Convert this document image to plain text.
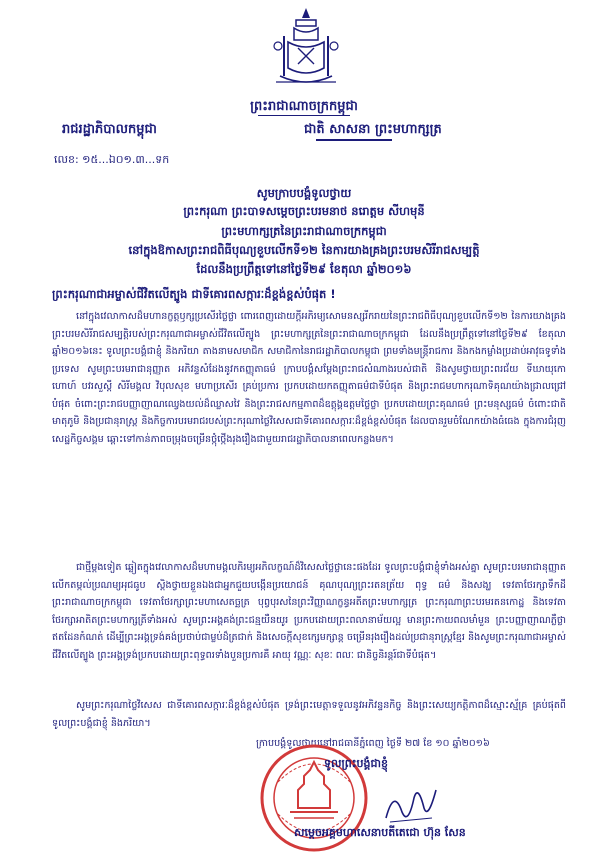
ព្រះរាជាណាចក្រកម្ពុជា
រាជរដ្ឋាភិបាលកម្ពុជា	ជាតិ សាសនា ព្រះមហាក្សត្រ
លេខ: ១៥...ឯ០១.៣...ទក
សូមក្រាបបង្គំទូលថ្វាយ
ព្រះករុណា ព្រះបាទសម្តេចព្រះបរមនាថ នរោត្តម សីហមុនី
ព្រះមហាក្សត្រនៃព្រះរាជាណាចក្រកម្ពុជា
នៅក្នុងឱកាសព្រះរាជពិធីបុណ្យខួបលើកទី១២ នៃការយាងគ្រងព្រះបរមសិរីរាជសម្បត្តិ
ដែលនឹងប្រព្រឹត្តទៅនៅថ្ងៃទី២៩ ខែតុលា ឆ្នាំ២០១៦
ព្រះករុណាជាអម្ចាស់ជីវិតលើត្បូង ជាទីគោរពសក្ការៈដ៏ខ្ពង់ខ្ពស់បំផុត !

នៅក្នុងវេលាកាសដ៏មហានក្ខត្តឫក្សប្រសើរថ្លៃថ្លា ពោរពេញដោយក្តីអភិរម្យសោមនស្សរីករាយនៃព្រះរាជពិធីបុណ្យខួបលើកទី១២ នៃការយាងគ្រងព្រះបរមសិរីរាជសម្បត្តិរបស់ព្រះករុណាជាអម្ចាស់ជីវិតលើត្បូង ព្រះមហាក្សត្រនៃព្រះរាជាណាចក្រកម្ពុជា ដែលនឹងប្រព្រឹត្តទៅនៅថ្ងៃទី២៩ ខែតុលា ឆ្នាំ២០១៦នេះ ទូលព្រះបង្គំជាខ្ញុំ និងភរិយា តាងនាមសមាជិក សមាជិកានៃរាជរដ្ឋាភិបាលកម្ពុជា ព្រមទាំងមន្ត្រីរាជការ និងកងកម្លាំងប្រដាប់អាវុធទូទាំងប្រទេស សូមព្រះបរមរាជានុញ្ញាត អភិវន្ទសំដែងនូវកតញ្ញុតាធម៌ ក្រាបបង្គំសម្តែងព្រះរាជសំណាងរបស់ជាតិ និងសូមថ្វាយព្រះពរជ័យ ទីឃាយុកោ ហោហ៍ បវរសួស្តី សិរីមង្គល វិបុលសុខ មហាប្រសើរ គ្រប់ប្រការ ប្រកបដោយកតញ្ញុតាធម៌ជាទីបំផុត និងព្រះរាជមហាករុណាទិគុណយ៉ាងជ្រាលជ្រៅបំផុត ចំពោះព្រះរាជបញ្ញាញាណឈ្វេងយល់ដ៏ឈ្លាសវៃ និងព្រះរាជសកម្មភាពដ៏ឧត្តុង្គឧត្តមថ្លៃថ្លា ប្រកបដោយព្រះគុណធម៌ ព្រះមនុស្សធម៌ ចំពោះជាតិមាតុភូមិ និងប្រជានុរាស្ត្រ និងកិច្ចការបរមរាជរបស់ព្រះករុណាថ្លៃវិសេសជាទីគោរពសក្ការៈដ៏ខ្ពង់ខ្ពស់បំផុត ដែលបានរួមចំណែកយ៉ាងធំធេង ក្នុងការជំរុញសេដ្ឋកិច្ចសង្គម ឆ្ពោះទៅកាន់ភាពចម្រុងចម្រើនថ្កុំថ្កើងរុងរឿងជាមួយរាជរដ្ឋាភិបាលនាពេលកន្លងមក។

ជាថ្មីម្តងទៀត ឆ្លៀតក្នុងវេលាកាសដ៏មហាមង្គលភិរម្យអភិលក្ខណ៍ដ៏វិសេសថ្លៃថ្លានេះផងដែរ ទូលព្រះបង្គំជាខ្ញុំទាំងអស់គ្នា សូមព្រះបរមរាជានុញ្ញាត លើកតម្កល់ប្រណម្យអុជធូប ស្តិងថ្វាយខ្លួនឯងជាអ្នកជួយបង្កើនប្រយោជន៍ គុណបុណ្យព្រះរតនត្រ័យ ពុទ្ធ ធម៌ និងសង្ឃ ទេវតាថែរក្សាទឹកដីព្រះរាជាណាចក្រកម្ពុជា ទេវតាថែរក្សាព្រះមហាសេតច្ឆត្រ បុព្វបុរសនៃព្រះវិញ្ញាណក្ខន្ធអតីតព្រះមហាក្សត្រ ព្រះករុណាព្រះបរមរតនកោដ្ឋ និងទេវតាថែរក្សាអាតិតព្រះមហាក្សត្រីទាំងអស់ សូមព្រះអង្គគង់ព្រះជន្មយឺនយូរ ប្រកបដោយព្រះពលានាម័យល្អ មានព្រះកាយពលមាំមួន ព្រះបញ្ញាញាណភ្លឺថ្លាឥតដែនកំណត់ ដើម្បីព្រះអង្គទ្រង់គង់ប្រថាប់ជាម្លប់ដ៏ត្រជាក់ និងសេចក្តីសុខក្សេមក្សាន្ត ចម្រើនរុងរឿងដល់ប្រជានុរាស្ត្រខ្មែរ និងសូមព្រះករុណាជាអម្ចាស់ជីវិតលើត្បូង ព្រះអង្គទ្រង់ប្រកបដោយព្រះពុទ្ធពរទាំងបួនប្រការគឺ អាយុ វណ្ណៈ សុខៈ ពលៈ ជានិច្ចនិរន្តរ៍ជាទីបំផុត។

សូមព្រះករុណាថ្លៃវិសេស ជាទីគោរពសក្ការៈដ៏ខ្ពង់ខ្ពស់បំផុត ទ្រង់ព្រះមេត្តាទទួលនូវអភិវន្ទនកិច្ច និងព្រះសេយ្យកតិ្តភាពដ៏ស្មោះស្ម័គ្រ គ្រប់ផុតពីទូលព្រះបង្គំជាខ្ញុំ និងភរិយា។

ក្រាបបង្គំទូលថ្វាយនៅរាជធានីភ្នំពេញ ថ្ងៃទី ២៧ ខែ ១០ ឆ្នាំ២០១៦
ទូលព្រះបង្គំជាខ្ញុំ
សម្តេចអគ្គមហាសេនាបតីតេជោ ហ៊ុន សែន
